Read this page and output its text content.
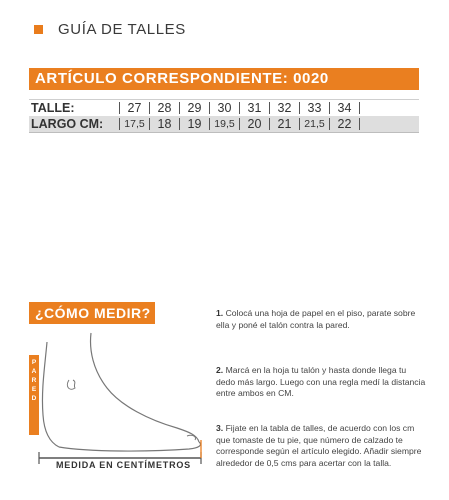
GUÍA DE TALLES
ARTÍCULO CORRESPONDIENTE: 0020
TALLE:	27	28	29	30	31	32	33	34
LARGO CM:	17,5	18	19	19,5	20	21	21,5	22
¿CÓMO MEDIR?
P
A
R
E
D
MEDIDA EN CENTÍMETROS
1. Colocá una hoja de papel en el piso, parate sobre ella y poné el talón contra la pared.
2. Marcá en la hoja tu talón y hasta donde llega tu dedo más largo. Luego con una regla medí la distancia entre ambos en CM.
3. Fijate en la tabla de talles, de acuerdo con los cm que tomaste de tu pie, que número de calzado te corresponde según el artículo elegido. Añadir siempre alrededor de 0,5 cms para acertar con la talla.
